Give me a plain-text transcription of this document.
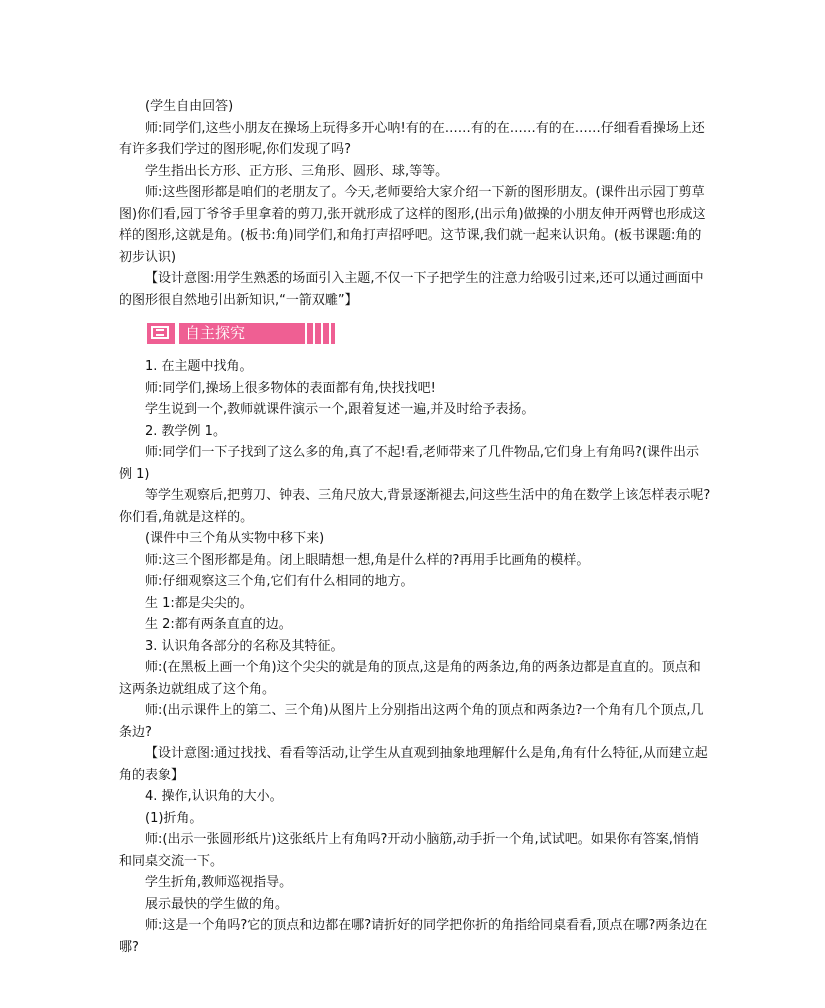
(学生自由回答)

师:同学们,这些小朋友在操场上玩得多开心呐!有的在……有的在……有的在……仔细看看操场上还有许多我们学过的图形呢,你们发现了吗?

学生指出长方形、正方形、三角形、圆形、球,等等。

师:这些图形都是咱们的老朋友了。今天,老师要给大家介绍一下新的图形朋友。(课件出示园丁剪草图)你们看,园丁爷爷手里拿着的剪刀,张开就形成了这样的图形,(出示角)做操的小朋友伸开两臂也形成这样的图形,这就是角。(板书:角)同学们,和角打声招呼吧。这节课,我们就一起来认识角。(板书课题:角的初步认识)

【设计意图:用学生熟悉的场面引入主题,不仅一下子把学生的注意力给吸引过来,还可以通过画面中的图形很自然地引出新知识,“一箭双雕”】

自主探究

1. 在主题中找角。

师:同学们,操场上很多物体的表面都有角,快找找吧!

学生说到一个,教师就课件演示一个,跟着复述一遍,并及时给予表扬。

2. 教学例 1。

师:同学们一下子找到了这么多的角,真了不起!看,老师带来了几件物品,它们身上有角吗?(课件出示例 1)

等学生观察后,把剪刀、钟表、三角尺放大,背景逐渐褪去,问这些生活中的角在数学上该怎样表示呢?你们看,角就是这样的。

(课件中三个角从实物中移下来)

师:这三个图形都是角。闭上眼睛想一想,角是什么样的?再用手比画角的模样。

师:仔细观察这三个角,它们有什么相同的地方。

生 1:都是尖尖的。

生 2:都有两条直直的边。

3. 认识角各部分的名称及其特征。

师:(在黑板上画一个角)这个尖尖的就是角的顶点,这是角的两条边,角的两条边都是直直的。顶点和这两条边就组成了这个角。

师:(出示课件上的第二、三个角)从图片上分别指出这两个角的顶点和两条边?一个角有几个顶点,几条边?

【设计意图:通过找找、看看等活动,让学生从直观到抽象地理解什么是角,角有什么特征,从而建立起角的表象】

4. 操作,认识角的大小。

(1)折角。

师:(出示一张圆形纸片)这张纸片上有角吗?开动小脑筋,动手折一个角,试试吧。如果你有答案,悄悄和同桌交流一下。

学生折角,教师巡视指导。

展示最快的学生做的角。

师:这是一个角吗?它的顶点和边都在哪?请折好的同学把你折的角指给同桌看看,顶点在哪?两条边在哪?
